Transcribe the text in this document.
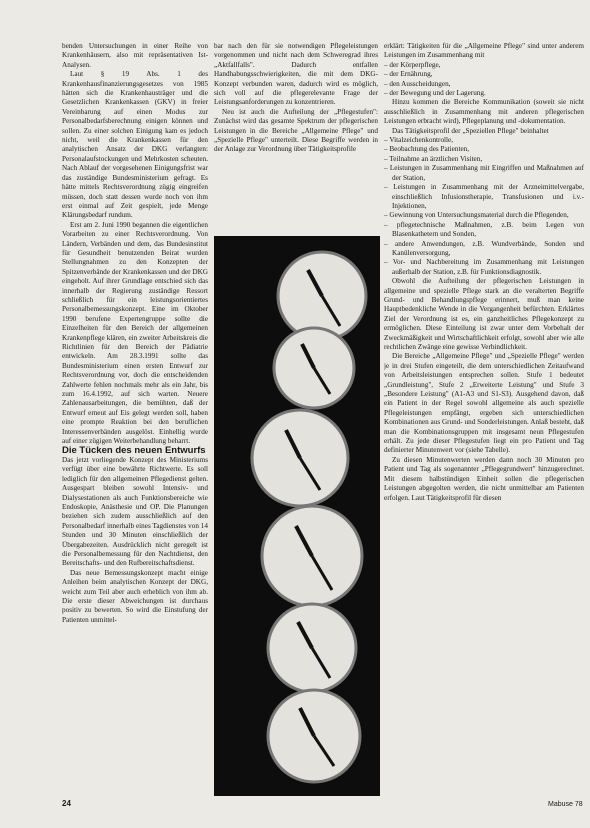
benden Untersuchungen in einer Reihe von Krankenhäusern, also mit repräsentativen Ist-Analysen.

Laut § 19 Abs. 1 des Krankenhausfinanzierungsgesetzes von 1985 hätten sich die Krankenhausträger und die Gesetzlichen Krankenkassen (GKV) in freier Vereinbarung auf einen Modus zur Personalbedarfsberechnung einigen können und sollen. Zu einer solchen Einigung kam es jedoch nicht, weil die Krankenkassen für den analytischen Ansatz der DKG verlangten: Personalaufstockungen und Mehrkosten scheuten. Nach Ablauf der vorgesehenen Einigungsfrist war das zuständige Bundesministerium gefragt. Es hätte mittels Rechtsverordnung zügig eingreifen müssen, doch statt dessen wurde noch von ihm erst einmal auf Zeit gespielt, jede Menge Klärungsbedarf rundum.

Erst am 2. Juni 1990 begannen die eigentlichen Vorarbeiten zu einer Rechtsverordnung. Von Ländern, Verbänden und dem, das Bundesinstitut für Gesundheit benutzenden Beirat wurden Stellungnahmen zu den Konzepten der Spitzenverbände der Krankenkassen und der DKG eingeholt. Auf ihrer Grundlage entschied sich das innerhalb der Regierung zuständige Ressort schließlich für ein leistungsorientiertes Personalbemessungskonzept. Eine im Oktober 1990 berufene Expertengruppe sollte die Einzelheiten für den Bereich der allgemeinen Krankenpflege klären, ein zweiter Arbeitskreis die Richtlinien für den Bereich der Pädiatrie entwickeln. Am 28.3.1991 sollte das Bundesministerium einen ersten Entwurf zur Rechtsverordnung vor, doch die entscheidenden Zahlwerte fehlen nochmals mehr als ein Jahr, bis zum 16.4.1992, auf sich warten. Neuere Zahlenausarbeitungen, die bemühten, daß der Entwurf erneut auf Eis gelegt werden soll, haben eine prompte Reaktion bei den beruflichen Interessenverbänden ausgelöst. Einhellig wurde auf einer zügigen Weiterbehandlung beharrt.

Die Tücken des neuen Entwurfs

Das jetzt vorliegende Konzept des Ministeriums verfügt über eine bewährte Richtwerte. Es soll lediglich für den allgemeinen Pflegedienst gelten. Ausgespart bleiben sowohl Intensiv- und Dialysestationen als auch Funktionsbereiche wie Endoskopie, Anästhesie und OP. Die Planungen beziehen sich zudem ausschließlich auf den Personalbedarf innerhalb eines Tagdienstes von 14 Stunden und 30 Minuten einschließlich der Übergabezeiten. Ausdrücklich nicht geregelt ist die Personalbemessung für den Nachtdienst, den Bereitschafts- und den Rufbereitschaftsdienst.

Das neue Bemessungskonzept macht einige Anleihen beim analytischen Konzept der DKG, weicht zum Teil aber auch erheblich von ihm ab. Die erste dieser Abweichungen ist durchaus positiv zu bewerten. So wird die Einstufung der Patienten unmittel-

bar nach den für sie notwendigen Pflegeleistungen vorgenommen und nicht nach dem Schweregrad ihres „Aktfallfalls". Dadurch entfallen Handhabungsschwierigkeiten, die mit dem DKG-Konzept verbunden waren, dadurch wird es möglich, sich voll auf die pflegerelevante Frage der Leistungsanforderungen zu konzentrieren.

Neu ist auch die Aufteilung der „Pflegestufen": Zunächst wird das gesamte Spektrum der pflegerischen Leistungen in die Bereiche „Allgemeine Pflege" und „Spezielle Pflege" unterteilt. Diese Begriffe werden in der Anlage zur Verordnung über Tätigkeitsprofile

erklärt: Tätigkeiten für die „Allgemeine Pflege" sind unter anderem Leistungen im Zusammenhang mit

– der Körperpflege,
– der Ernährung,
– den Ausscheidungen,
– der Bewegung und der Lagerung.

Hinzu kommen die Bereiche Kommunikation (soweit sie nicht ausschließlich in Zusammenhang mit anderen pflegerischen Leistungen erbracht wird), Pflegeplanung und -dokumentation.

Das Tätigkeitsprofil der „Speziellen Pflege" beinhaltet

– Vitalzeichenkontrolle,
– Beobachtung des Patienten,
– Teilnahme an ärztlichen Visiten,
– Leistungen in Zusammenhang mit Eingriffen und Maßnahmen auf der Station,
– Leistungen in Zusammenhang mit der Arzneimittelvergabe, einschließlich Infusionstherapie, Transfusionen und i.v.-Injektionen,
– Gewinnung von Untersuchungsmaterial durch die Pflegenden,
– pflegetechnische Maßnahmen, z.B. beim Legen von Blasenkathetern und Sonden,
– andere Anwendungen, z.B. Wundverbände, Sonden und Kanülenversorgung,
– Vor- und Nachbereitung im Zusammenhang mit Leistungen außerhalb der Station, z.B. für Funktionsdiagnostik.

Obwohl die Aufteilung der pflegerischen Leistungen in allgemeine und spezielle Pflege stark an die veralterten Begriffe Grund- und Behandlungspflege erinnert, muß man keine Hauptbedenkliche Wende in die Vergangenheit befürchten. Erklärtes Ziel der Verordnung ist es, ein ganzheitliches Pflegekonzept zu ermöglichen. Diese Einteilung ist zwar unter dem Vorbehalt der Zweckmäßigkeit und Wirtschaftlichkeit erfolgt, sowohl aber wie alle rechtlichen Zwänge eine gewisse Verbindlichkeit.

Die Bereiche „Allgemeine Pflege" und „Spezielle Pflege" werden je in drei Stufen eingeteilt, die dem unterschiedlichen Zeitaufwand von Arbeitsleistungen entsprechen sollen. Stufe 1 bedeutet „Grundleistung", Stufe 2 „Erweiterte Leistung" und Stufe 3 „Besondere Leistung" (A1-A3 und S1-S3). Ausgehend davon, daß ein Patient in der Regel sowohl allgemeine als auch spezielle Pflegeleistungen empfängt, ergeben sich unterschiedlichen Kombinationen aus Grund- und Sonderleistungen. Anlaß besteht, daß man die Kombinationsgruppen mit insgesamt neun Pflegestufen erhält. Zu jede dieser Pflegestufen liegt ein pro Patient und Tag definierter Minutenwert vor (siehe Tabelle).

Zu diesen Minutenwerten werden dann noch 30 Minuten pro Patient und Tag als sogenannter „Pflegegrundwert" hinzugerechnet. Mit diesem halbstündigen Einheit sollen die pflegerischen Leistungen abgegolten werden, die nicht unmittelbar am Patienten erfolgen. Laut Tätigkeitsprofil für diesen

24	Mabuse 78
